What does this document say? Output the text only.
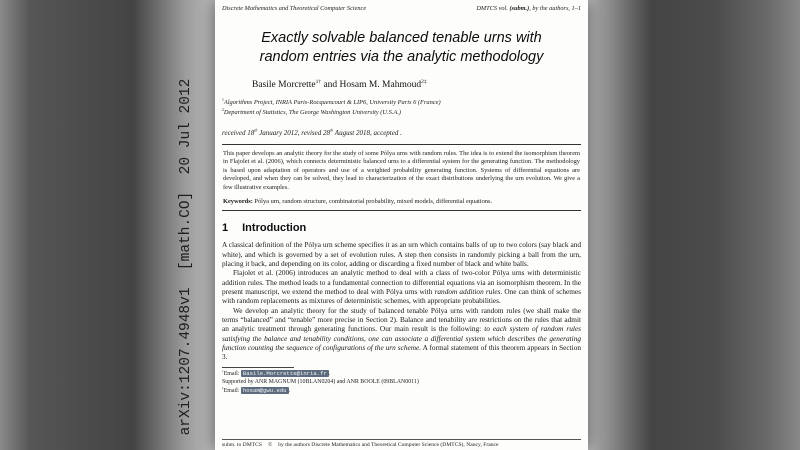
arXiv:1207.4948v1  [math.CO]  20 Jul 2012
Discrete Mathematics and Theoretical Computer Science	DMTCS vol. (subm.), by the authors, 1–1
Exactly solvable balanced tenable urns with
random entries via the analytic methodology
Basile Morcrette$^{1\dagger}$ and Hosam M. Mahmoud$^{2\ddagger}$
$^1$Algorithms Project, INRIA Paris-Rocquencourt & LIP6, University Paris 6 (France)
$^2$Department of Statistics, The George Washington University (U.S.A.)
received 18th January 2012, revised 28th August 2018, accepted .
This paper develops an analytic theory for the study of some Pólya urns with random rules. The idea is to extend the isomorphism theorem in Flajolet et al. (2006), which connects deterministic balanced urns to a differential system for the generating function. The methodology is based upon adaptation of operators and use of a weighted probability generating function. Systems of differential equations are developed, and when they can be solved, they lead to characterization of the exact distributions underlying the urn evolution. We give a few illustrative examples.
Keywords: Pólya urn, random structure, combinatorial probability, mixed models, differential equations.
1 Introduction

A classical definition of the Pólya urn scheme specifies it as an urn which contains balls of up to two colors (say black and white), and which is governed by a set of evolution rules. A step then consists in randomly picking a ball from the urn, placing it back, and depending on its color, adding or discarding a fixed number of black and white balls.

Flajolet et al. (2006) introduces an analytic method to deal with a class of two-color Pólya urns with deterministic addition rules. The method leads to a fundamental connection to differential equations via an isomorphism theorem. In the present manuscript, we extend the method to deal with Pólya urns with random addition rules. One can think of schemes with random replacements as mixtures of deterministic schemes, with appropriate probabilities.

We develop an analytic theory for the study of balanced tenable Pólya urns with random rules (we shall make the terms “balanced” and “tenable” more precise in Section 2). Balance and tenability are restrictions on the rules that admit an analytic treatment through generating functions. Our main result is the following: to each system of random rules satisfying the balance and tenability conditions, one can associate a differential system which describes the generating function counting the sequence of configurations of the urn scheme. A formal statement of this theorem appears in Section 3.

†Email: Basile.Morcrette@inria.fr .
Supported by ANR MAGNUM (10BLAN0204) and ANR BOOLE (09BLAN0011)
‡Email: hosam@gwu.edu .
subm. to DMTCS © by the authors Discrete Mathematics and Theoretical Computer Science (DMTCS), Nancy, France
